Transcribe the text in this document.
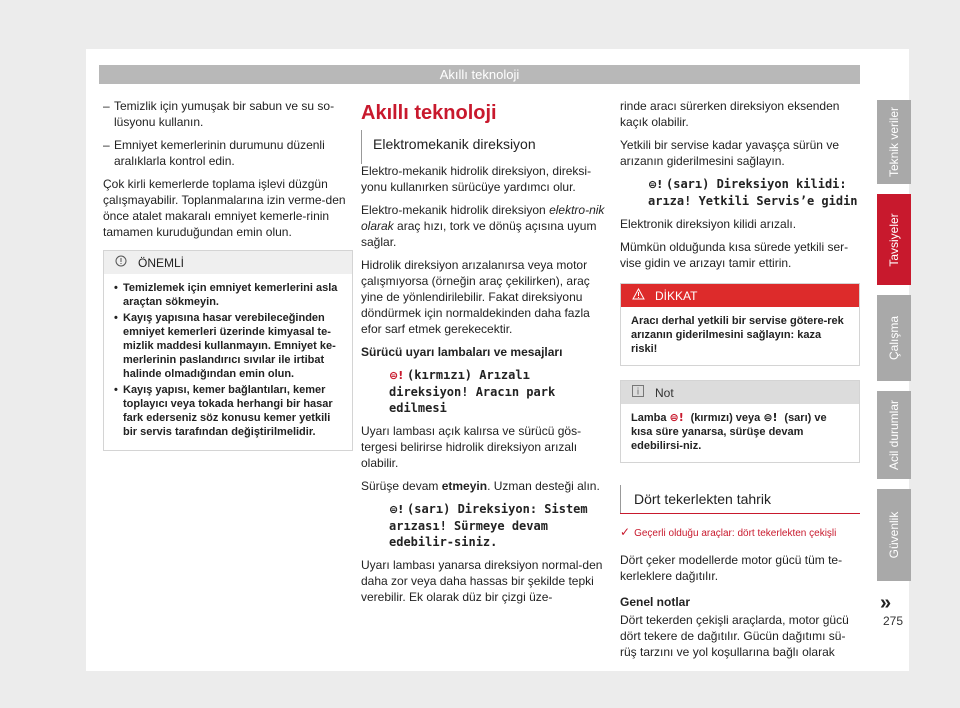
Akıllı teknoloji
– Temizlik için yumuşak bir sabun ve su so-lüsyonu kullanın.
– Emniyet kemerlerinin durumunu düzenli aralıklarla kontrol edin.

Çok kirli kemerlerde toplama işlevi düzgün çalışmayabilir. Toplanmalarına izin verme-den önce atalet makaralı emniyet kemerle-rinin tamamen kuruduğundan emin olun.

ÖNEMLİ
• Temizlemek için emniyet kemerlerini asla araçtan sökmeyin.
• Kayış yapısına hasar verebileceğinden emniyet kemerleri üzerinde kimyasal te-mizlik maddesi kullanmayın. Emniyet ke-merlerinin paslandırıcı sıvılar ile irtibat halinde olmadığından emin olun.
• Kayış yapısı, kemer bağlantıları, kemer toplayıcı veya tokada herhangi bir hasar fark ederseniz söz konusu kemer yetkili bir servis tarafından değiştirilmelidir.
Akıllı teknoloji
Elektromekanik direksiyon

Elektro-mekanik hidrolik direksiyon, direksi-yonu kullanırken sürücüye yardımcı olur.

Elektro-mekanik hidrolik direksiyon elektro-nik olarak araç hızı, tork ve dönüş açısına uyum sağlar.

Hidrolik direksiyon arızalanırsa veya motor çalışmıyorsa (örneğin araç çekilirken), araç yine de yönlendirilebilir. Fakat direksiyonu döndürmek için normaldekinden daha fazla efor sarf etmek gerekecektir.

Sürücü uyarı lambaları ve mesajları

⊜! (kırmızı) Arızalı direksiyon! Aracın park edilmesi

Uyarı lambası açık kalırsa ve sürücü gös-tergesi belirirse hidrolik direksiyon arızalı olabilir.

Sürüşe devam etmeyin. Uzman desteği alın.

⊜! (sarı) Direksiyon: Sistem arızası! Sürmeye devam edebilir-siniz.

Uyarı lambası yanarsa direksiyon normal-den daha zor veya daha hassas bir şekilde tepki verebilir. Ek olarak düz bir çizgi üze-

rinde aracı sürerken direksiyon eksenden kaçık olabilir.

Yetkili bir servise kadar yavaşça sürün ve arızanın giderilmesini sağlayın.

⊜! (sarı) Direksiyon kilidi: arıza! Yetkili Servis’e gidin

Elektronik direksiyon kilidi arızalı.

Mümkün olduğunda kısa sürede yetkili ser-vise gidin ve arızayı tamir ettirin.

DİKKAT
Aracı derhal yetkili bir servise götere-rek arızanın giderilmesini sağlayın: kaza riski!
Not
Lamba ⊜! (kırmızı) veya ⊜! (sarı) ve kısa süre yanarsa, sürüşe devam edebilirsi-niz.
Dört tekerlekten tahrik
✓ Geçerli olduğu araçlar: dört tekerlekten çekişli

Dört çeker modellerde motor gücü tüm te-kerleklere dağıtılır.

Genel notlar

Dört tekerden çekişli araçlarda, motor gücü dört tekere de dağıtılır. Gücün dağıtımı sü-rüş tarzını ve yol koşullarına bağlı olarak

Teknik veriler
Tavsiyeler
Çalışma
Acil durumlar
Güvenlik
»
275
